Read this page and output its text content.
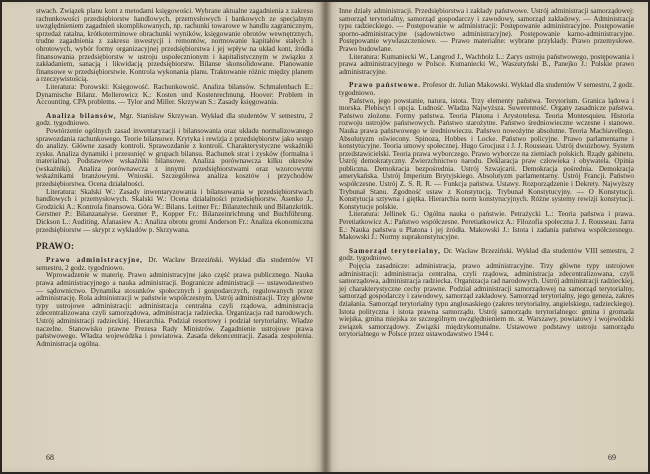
stwach. Związek planu kont z metodami księgowości. Wybrane aktualne zagadnienia z zakresu rachunkowości przedsiębiorstw handlowych, przemysłowych i bankowych ze specjalnym uwzględnieniem zagadnień skomplikowanych, np. rachunki towarowe w handlu zagranicznym, sprzedaż ratalna, krótkoterminowe obrachunki wyników, księgowanie obrotów wewnętrznych, trudne zagadnienia z zakresu inwestycji i remontów, normowanie kapitałów stałych i obrotowych, wybór formy organizacyjnej przedsiębiorstwa i jej wpływ na układ kont, źródła finansowania przedsiębiorstw w ustroju uspołecznionym i kapitalistycznym w związku z zakładaniem, sanacją i likwidacją przedsiębiorstw. Bilanse skonsolidowane. Planowanie finansowe w przedsiębiorstwie. Kontrola wykonania planu. Traktowanie różnic między planem a rzeczywistością.

Literatura: Porowski: Księgowość. Rachunkowość. Analiza bilansów. Schmalenbach E.: Dynamische Bilanz. Mellerowicz K.: Kosten und Kostenrechnung. Hoover: Problem in Accounting. CPA problems. — Tylor and Miller. Skrzywan S.: Zasady księgowania.

Analiza bilansów, Mgr. Stanisław Skrzywan. Wykład dla studentów V semestru, 2 godz. tygodniowo.

Powtórzenie ogólnych zasad inwentaryzacji i bilansowania oraz układu normalizowanego sprawozdania rachunkowego. Teorie bilansowe. Krytyka i rewizja z przedsiębiorstw jako wstęp do analizy. Główne zasady kontroli. Sprawozdanie z kontroli. Charakterystyczne wskaźniki zysku. Analiza dynamiki i przesunięć w grupach bilansu. Rachunek strat i zysków (formalna i materialna). Podstawowe wskaźniki bilansowe. Analiza porównawcza kilku okresów (wskaźniki). Analiza porównawcza z innymi przedsiębiorstwami oraz wzorcowymi wskaźnikami branżowymi. Wnioski. Szczegółowa analiza kosztów i przychodów przedsiębiorstwa. Ocena działalności.

Literatura: Skalski W.: Zasady inwentaryzowania i bilansowania w przedsiębiorstwach handlowych i przemysłowych. Skalski W.: Ocena działalności przedsiębiorstw. Asenko J., Grodzicki A.: Kontrola finansowa. Góra W.: Bilans. Leitner Fr.: Bilanztechnik und Bilanzkritik. Gerstner P.: Bilanzanalyse. Gerstner P., Kopper Fr.: Bilanzeinrichtung und Buchführung. Dickson L.: Auditing. Afanasiew A.: Analiza obrotu gromi Anderson Fr.: Analiza ekonomiczna przedsiębiorstw — skrypt z wykładów p. Skrzywana.

PRAWO:

Prawo administracyjne, Dr. Wacław Brzeziński. Wykład dla studentów VI semestru, 2 godz. tygodniowo.

Wprowadzenie w materię. Prawo administracyjne jako część prawa publicznego. Nauka prawa administracyjnego a nauka administracji. Bogranicze administracji — ustawodawstwo — sądownictwo. Dynamika stosunków społecznych i gospodarczych, regulowanych przez administrację. Rola administracji w państwie współczesnym. Ustrój administracji. Trzy główne typy ustrojowe administracji: administracja centralna czyli rządowa, administracja zdecentralizowana czyli samorządowa, administracja radziecka. Organizacja rad narodowych. Ustrój administracji radzieckiej. Hierarchia. Podział resortowy i podział terytorialny. Władze naczelne. Stanowisko prawne Prezesa Rady Ministrów. Zagadnienie ustrojowe prawa państwowego. Władza wojewódzka i powiatowa. Zasada dekoncentracji. Zasada zespolenia. Administracja ogólna.

68

Inne działy administracji. Przedsiębiorstwa i zakłady państwowe. Ustrój administracji samorządowej: samorząd terytorialny, samorząd gospodarczy i zawodowy, samorząd zakładowy. — Administracja typu radzieckiego. — Postępowanie w administracji: Postępowanie administracyjne. Postępowanie sporno-administracyjne (sądownictwo administracyjne). Postępowanie karno-administracyjne. Postępowanie wywłaszczeniowe. — Prawo materialne: wybrane przykłady. Prawo przemysłowe. Prawo budowlane.

Literatura: Kumaniecki W., Langrod J., Wachholz L.: Zarys ustroju państwowego, postępowania i prawa administracyjnego w Polsce. Kumaniecki W., Waszutyński B., Panejko J.: Polskie prawo administracyjne.

Prawo państwowe. Profesor dr. Julian Makowski. Wykład dla studentów V semestru, 2 godz. tygodniowo.

Państwo, jego powstanie, natura, istota. Trzy elementy państwa. Terytorium. Granica lądowa i morska. Plebiscyt i opcja. Ludność. Władza Najwyższa. Suwerenność. Organy zasadnicze państwa. Państwo złożone. Formy państwa. Teoria Platona i Arystotelesa. Teoria Montesquieu. Historia rozwoju ustrojów państwowych. Państwo starożytne. Państwo średniowieczne wczesne i stanowe. Nauka prawa państwowego w średniowieczu. Państwo nowożytne absolutne. Teoria Machiavellego. Absolutyzm oświecony. Spinoza, Hobbes i Locke. Państwo policyjne. Prawo parlamentarne i konstytucyjne. Teoria umowy społecznej. Hugo Grocjusz i J. J. Rousseau. Ustrój dwuizbowy. System przedstawicielski. Teoria prawa wyborczego. Prawo wyborcze na ziemiach polskich. Rządy gabinetu. Ustrój demokratyczny. Zwierzchnictwo narodu. Deklaracja praw człowieka i obywatela. Opinia publiczna. Demokracja bezpośrednia. Ustrój Szwajcarii. Demokracja pośrednia. Demokracja amerykańska. Ustrój Imperium Brytyjskiego. Absolutyzm parlamentarny. Ustrój Francji. Państwo współczesne. Ustrój Z. S. R. R. — Funkcja państwa. Ustawy. Rozporządzenie i Dekrety. Najwyższy Trybunał Stanu. Zgodność ustaw z Konstytucją. Trybunał Konstytucyjny. — O Konstytucji. Konstytucja sztywna i giętka. Hierarchia norm konstytucyjnych. Różne systemy rewizji konstytucji. Konstytucje polskie.

Literatura: Jellinek G.: Ogólna nauka o państwie. Petrażycki L.: Teoria państwa i prawa. Peretiatkowicz A.: Państwo współczesne. Peretiatkowicz A.: Filozofia społeczna J. J. Rousseau. Jarra E.: Nauka państwa u Platona i jej źródła. Makowski J.: Istota i zadania państwa współczesnego. Makowski J.: Normy suprakonstytucyjne.

Samorząd terytorialny, Dr. Wacław Brzeziński. Wykład dla studentów VIII semestru, 2 godz. tygodniowo.

Pojęcia zasadnicze: administracja, prawo administracyjne. Trzy główne typy ustrojowe administracji: administracja centralna, czyli rządowa, administracja zdecentralizowana, czyli samorządowa, administracja radziecka. Organizacja rad narodowych. Ustrój administracji radzieckiej, jej charakterystyczne cechy prawne. Podział administracji samorządowej na samorząd terytorialny, samorząd gospodarczy i zawodowy, samorząd zakładowy. Samorząd terytorialny, jego geneza, zakres działania. Samorząd terytorialny typu anglosaskiego (zakres terytorialny, angielskiego, radzieckiego). Istota polityczna i istota prawna samorządu. Ustrój samorządu terytorialnego: gmina i gromada wiejska, gmina miejska ze szczególnym uwzględnieniem m. st. Warszawy, powiatowy i wojewódzki związek samorządowy. Związki międzykomunalne. Ustawowe podstawy ustroju samorządu terytorialnego w Polsce przez ustawodawstwo 1944 r.

69
